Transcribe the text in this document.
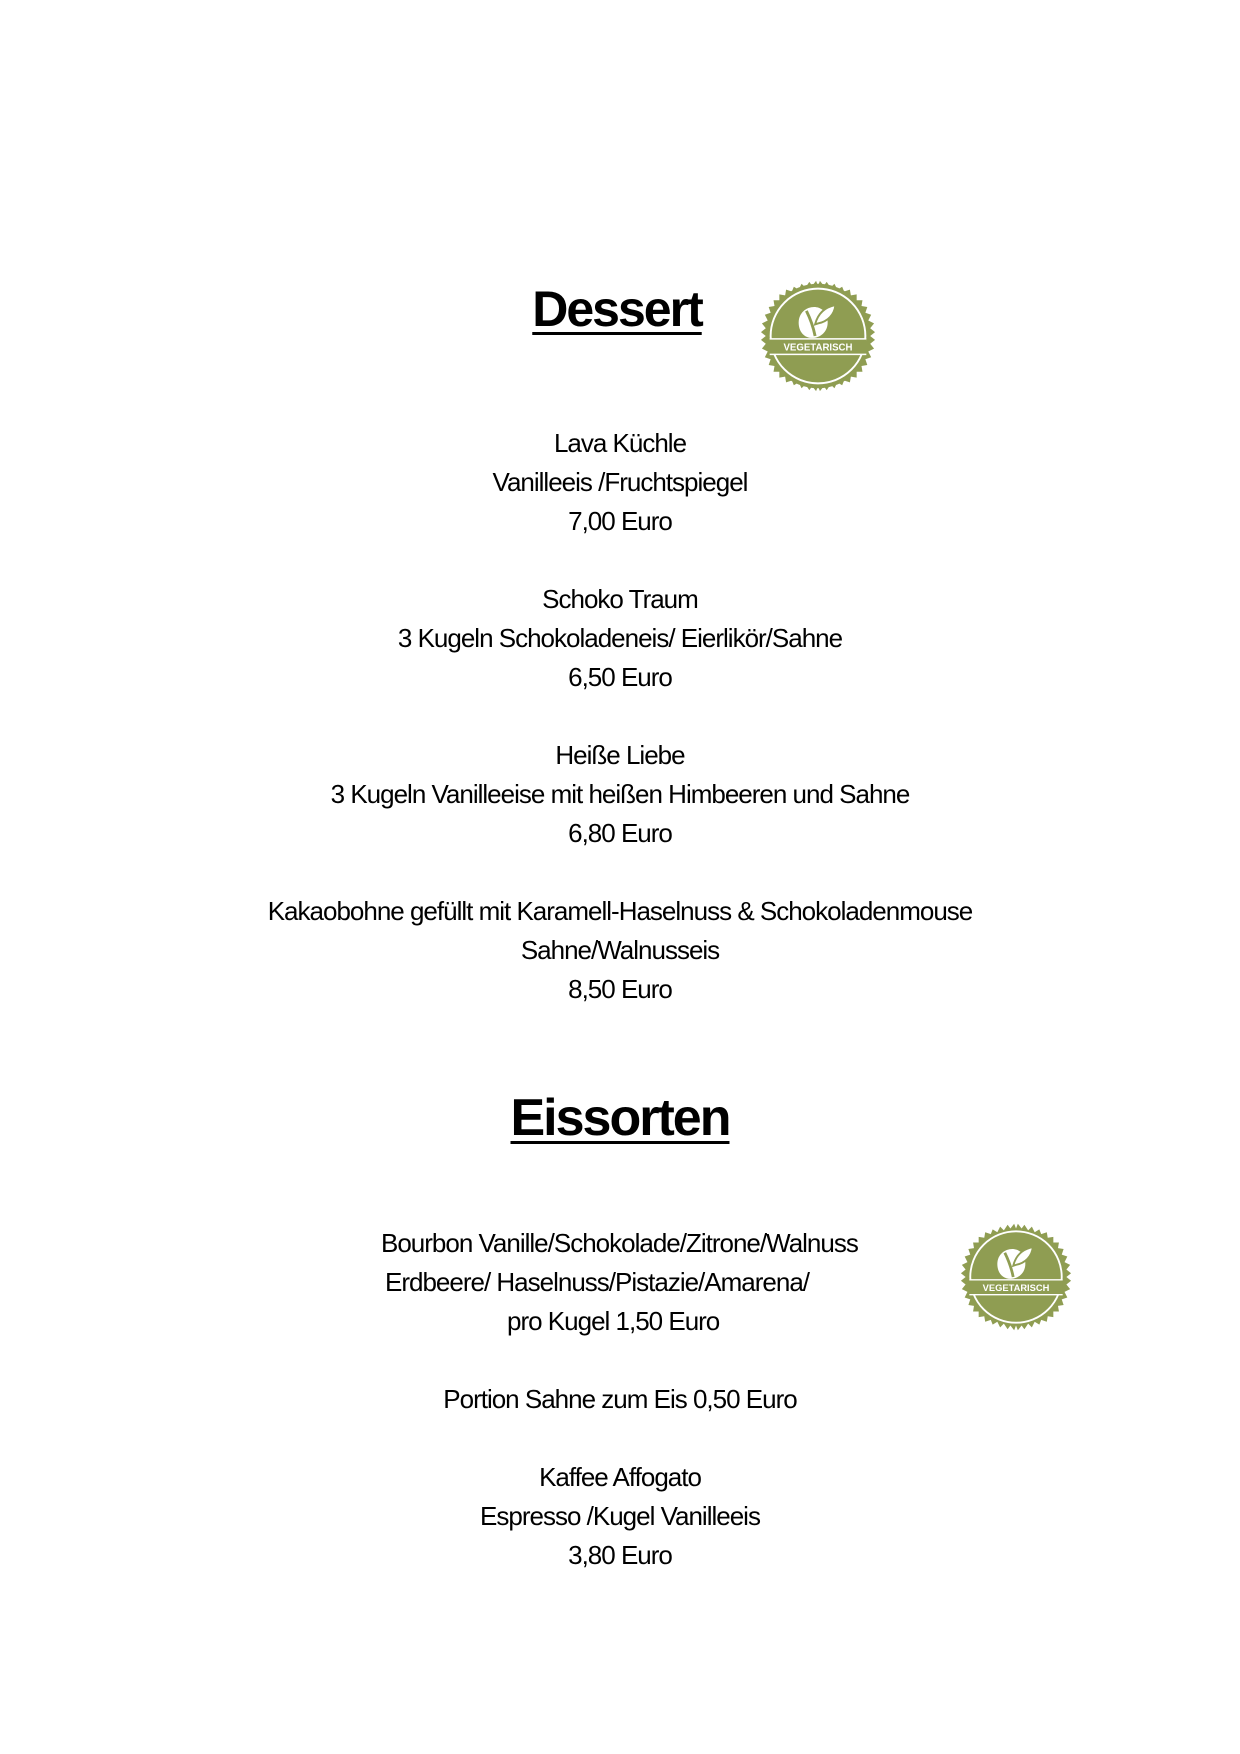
Dessert
VEGETARISCH
Lava Küchle
Vanilleeis /Fruchtspiegel
7,00 Euro
Schoko Traum
3 Kugeln Schokoladeneis/ Eierlikör/Sahne
6,50 Euro
Heiße Liebe
3 Kugeln Vanilleeise mit heißen Himbeeren und Sahne
6,80 Euro
Kakaobohne gefüllt mit Karamell-Haselnuss & Schokoladenmouse
Sahne/Walnusseis
8,50 Euro
Eissorten
Bourbon Vanille/Schokolade/Zitrone/Walnuss
Erdbeere/ Haselnuss/Pistazie/Amarena/
pro Kugel 1,50 Euro
VEGETARISCH
Portion Sahne zum Eis 0,50 Euro
Kaffee Affogato
Espresso /Kugel Vanilleeis
3,80 Euro
